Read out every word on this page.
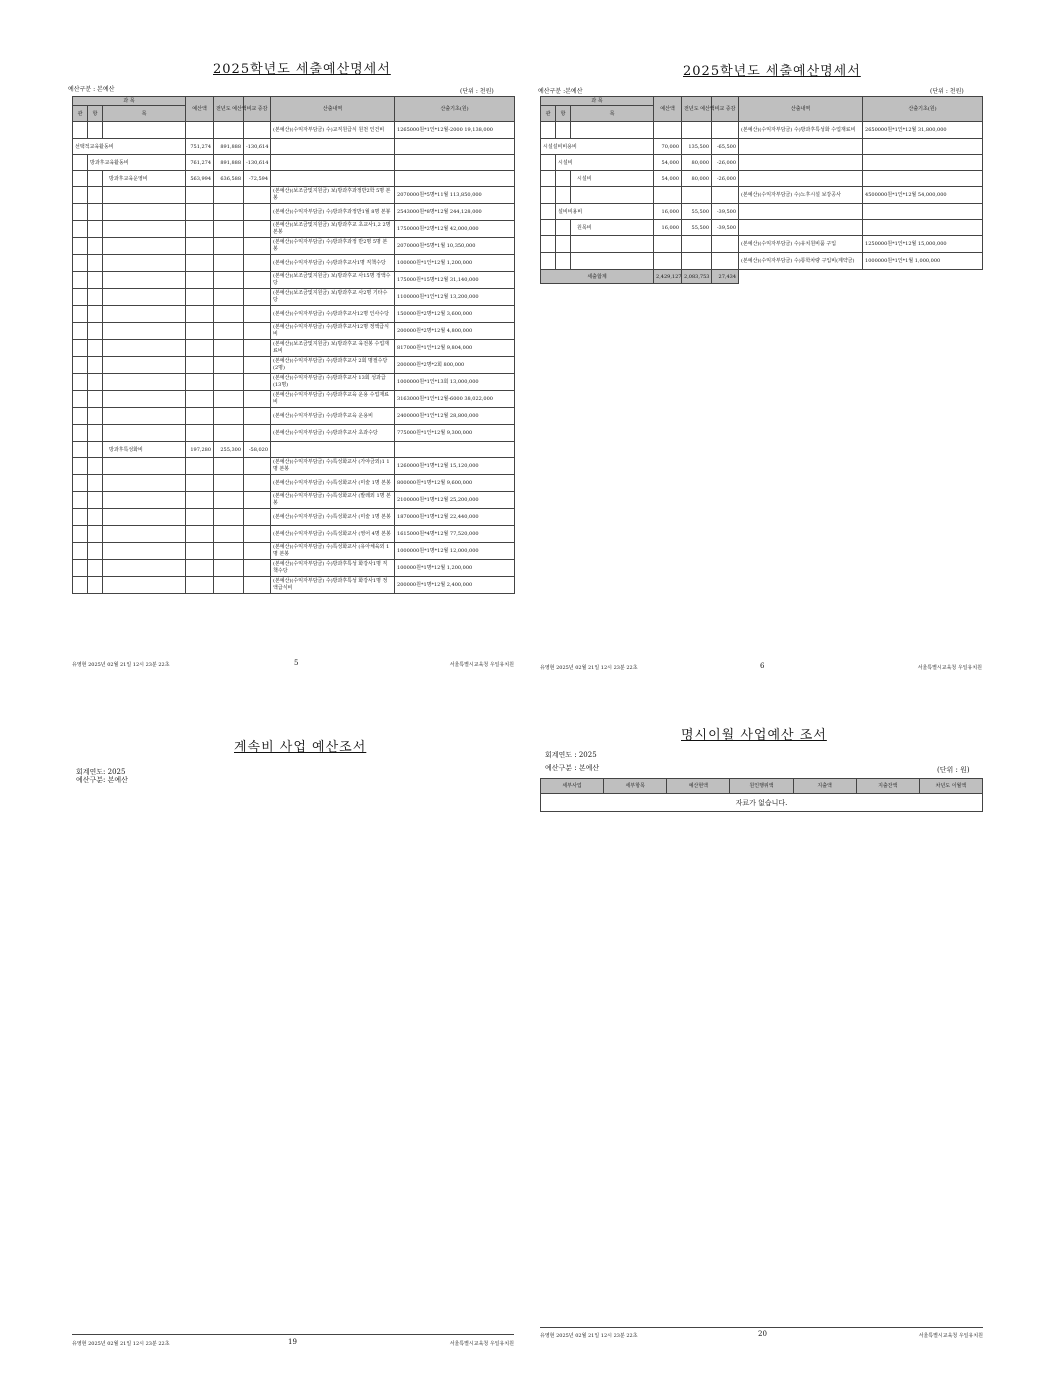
2025학년도 세출예산명세서
예산구분 : 본예산	(단위 : 천원)
과 목			예산액	전년도 예산액	비교 증감	산출내역	산출기초(원)
관	항	목					
						(본예산)(수익자부담금) 수)교직원급식 원천 인건비	1265000원*1인*12월-2000 19,138,000
선택적교육활동비			751,274	891,888	-130,614		
	방과후교육활동비		761,274	891,888	-130,614		
		방과후교육운영비	563,994	636,588	-72,594		
						(본예산)(보조금및지원금) 보)방과후과정반2학 5명 본봉	2070000원*5명*11월 113,850,000
						(본예산)(수익자부담금) 수)방과후과정반1월 8명 본봉	2543000원*8명*12월 244,128,000
						(본예산)(보조금및지원금) 보)방과후교 초교사1,2 2명 본봉	1750000원*2명*12월 42,000,000
						(본예산)(수익자부담금) 수)방과후과정 반2명 5명 본봉	2070000원*5명*1월 10,350,000
						(본예산)(수익자부담금) 수)방과후교사1명 직책수당	100000원*1인*12월 1,200,000
						(본예산)(보조금및지원금) 보)방과후교 사15명 정액수당	175000원*15명*12월 31,140,000
						(본예산)(보조금및지원금) 보)방과후교 사2명 기타수당	1100000원*1인*12월 13,200,000
						(본예산)(수익자부담금) 수)방과후교사12명 인사수당	150000원*2명*12월 3,600,000
						(본예산)(수익자부담금) 수)방과후교사12명 정액급식비	200000원*2명*12월 4,800,000
						(본예산)(보조금및지원금) 보)방과후교 육전봉 수업재료비	817000원*1인*12월 9,804,000
						(본예산)(수익자부담금) 수)방과후교사 2회 명절수당(2명)	200000원*2명*2회 800,000
						(본예산)(수익자부담금) 수)방과후교사 13회 성과급(13명)	1000000원*1인*13회 13,000,000
						(본예산)(수익자부담금) 수)방과후교육 운용 수업재료비	3163000원*1인*12월-6000 38,022,000
						(본예산)(수익자부담금) 수)방과후교육 운용비	2400000원*1인*12월 28,800,000
						(본예산)(수익자부담금) 수)방과후교사 초과수당	775000원*1인*12월 9,300,000
		방과후특성화비	197,280	255,300	-58,020		
						(본예산)(수익자부담금) 수)특성화교사 (가야금외)1 1명 본봉	1260000원*1명*12월 15,120,000
						(본예산)(수익자부담금) 수)특성화교사 (미술 1명 본봉	800000원*1명*12월 9,600,000
						(본예산)(수익자부담금) 수)특성화교사 (발레외 1명 본봉	2100000원*1명*12월 25,200,000
						(본예산)(수익자부담금) 수)특성화교사 (미술 1명 본봉	1870000원*1명*12월 22,440,000
						(본예산)(수익자부담금) 수)특성화교사 (영어 4명 본봉	1615000원*4명*12월 77,520,000
						(본예산)(수익자부담금) 수)특성화교사 (유아체육외 1명 본봉	1000000원*1명*12월 12,000,000
						(본예산)(수익자부담금) 수)방과후특성 화강사1명 직책수당	100000원*1명*12월 1,200,000
						(본예산)(수익자부담금) 수)방과후특성 화강사1명 정액급식비	200000원*1명*12월 2,400,000
유영현 2025년 02월 21일 12시 23분 22초	5	서울특별시교육청 우일유치원
2025학년도 세출예산명세서
예산구분 :본예산	(단위 : 천원)
과 목			예산액	전년도 예산액	비교 증감	산출내역	산출기초(원)
관	항	목					
						(본예산)(수익자부담금) 수)방과후특성화 수업재료비	2650000원*1인*12월 31,800,000
시설설비비용비			70,000	135,500	-65,500		
	시설비		54,000	80,000	-26,000		
		시설비	54,000	80,000	-26,000		
						(본예산)(수익자부담금) 수)노후시설 보강공사	4500000원*1인*12월 54,000,000
	설비비용비		16,000	55,500	-39,500		
		원목비	16,000	55,500	-39,500		
						(본예산)(수익자부담금) 수)유치원비품 구입	1250000원*1인*12월 15,000,000
						(본예산)(수익자부담금) 수)통학차량 구입비(계약금)	1000000원*1인*1월 1,000,000
세출합계			2,429,127	2,083,753	27,434		
유영현 2025년 02월 21일 12시 23분 22초	6	서울특별시교육청 우일유치원
계속비 사업 예산조서
회계연도: 2025
예산구분: 본예산
유영현 2025년 02월 21일 12시 23분 22초	19	서울특별시교육청 우일유치원
명시이월 사업예산 조서
회계연도 : 2025
예산구분 : 본예산	(단위 : 원)
세부사업	세부항목	예산현액	원인행위액	지출액	지출잔액	차년도 이월액
자료가 없습니다.
유영현 2025년 02월 21일 12시 23분 22초	20	서울특별시교육청 우일유치원
